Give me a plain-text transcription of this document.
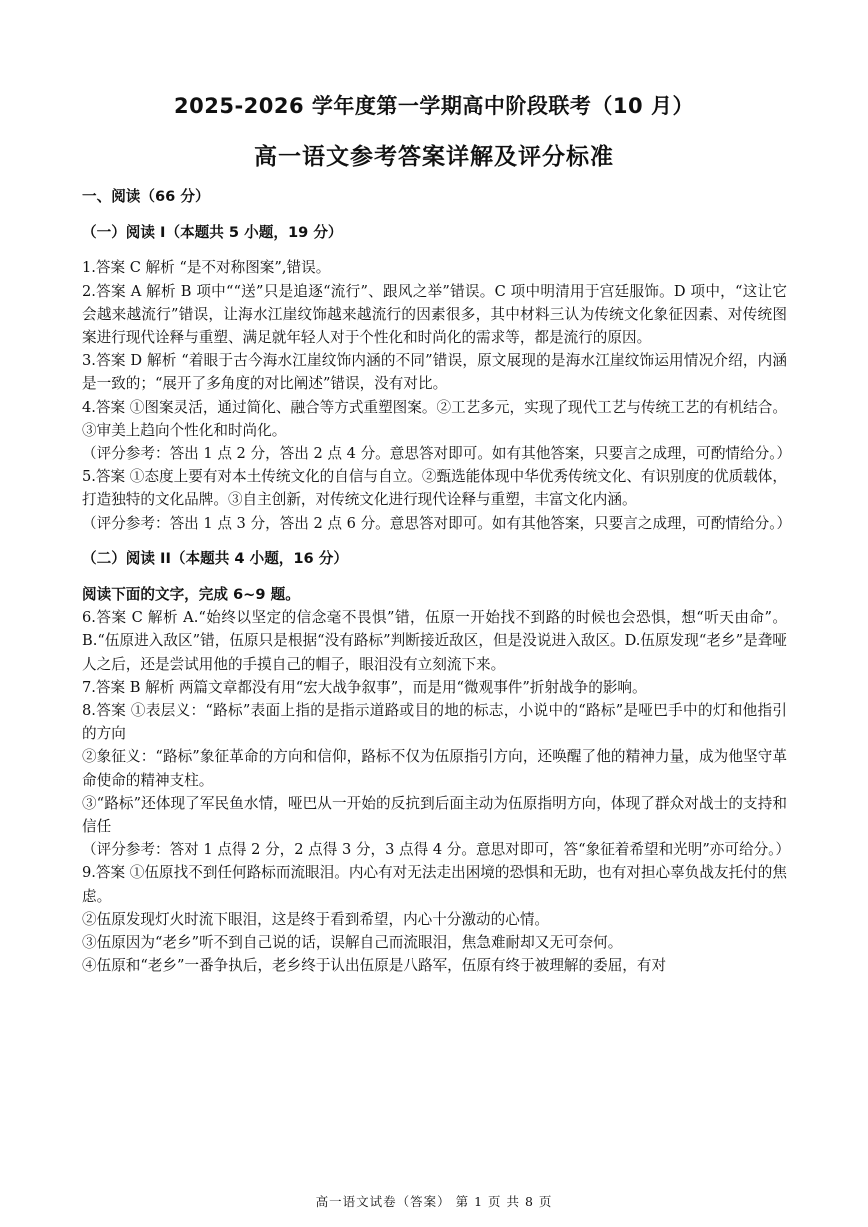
2025-2026 学年度第一学期高中阶段联考（10 月）
高一语文参考答案详解及评分标准

一、阅读（66 分）

（一）阅读 I（本题共 5 小题，19 分）

1.答案 C 解析 “是不对称图案”,错误。

2.答案 A 解析 B 项中““送”只是追逐“流行”、跟风之举”错误。C 项中明清用于宫廷服饰。D 项中，“这让它会越来越流行”错误，让海水江崖纹饰越来越流行的因素很多，其中材料三认为传统文化象征因素、对传统图案进行现代诠释与重塑、满足就年轻人对于个性化和时尚化的需求等，都是流行的原因。

3.答案 D 解析 “着眼于古今海水江崖纹饰内涵的不同”错误，原文展现的是海水江崖纹饰运用情况介绍，内涵是一致的；“展开了多角度的对比阐述”错误，没有对比。

4.答案 ①图案灵活，通过简化、融合等方式重塑图案。②工艺多元，实现了现代工艺与传统工艺的有机结合。③审美上趋向个性化和时尚化。

（评分参考：答出 1 点 2 分，答出 2 点 4 分。意思答对即可。如有其他答案，只要言之成理，可酌情给分。）

5.答案 ①态度上要有对本土传统文化的自信与自立。②甄选能体现中华优秀传统文化、有识别度的优质载体，打造独特的文化品牌。③自主创新，对传统文化进行现代诠释与重塑，丰富文化内涵。

（评分参考：答出 1 点 3 分，答出 2 点 6 分。意思答对即可。如有其他答案，只要言之成理，可酌情给分。）

（二）阅读 II（本题共 4 小题，16 分）

阅读下面的文字，完成 6~9 题。

6.答案 C 解析 A.“始终以坚定的信念毫不畏惧”错，伍原一开始找不到路的时候也会恐惧，想“听天由命”。B.“伍原进入敌区”错，伍原只是根据“没有路标”判断接近敌区，但是没说进入敌区。D.伍原发现“老乡”是聋哑人之后，还是尝试用他的手摸自己的帽子，眼泪没有立刻流下来。

7.答案 B 解析 两篇文章都没有用“宏大战争叙事”，而是用“微观事件”折射战争的影响。

8.答案 ①表层义：“路标”表面上指的是指示道路或目的地的标志，小说中的“路标”是哑巴手中的灯和他指引的方向

②象征义：“路标”象征革命的方向和信仰，路标不仅为伍原指引方向，还唤醒了他的精神力量，成为他坚守革命使命的精神支柱。

③“路标”还体现了军民鱼水情，哑巴从一开始的反抗到后面主动为伍原指明方向，体现了群众对战士的支持和信任

（评分参考：答对 1 点得 2 分，2 点得 3 分，3 点得 4 分。意思对即可，答“象征着希望和光明”亦可给分。）

9.答案 ①伍原找不到任何路标而流眼泪。内心有对无法走出困境的恐惧和无助，也有对担心辜负战友托付的焦虑。

②伍原发现灯火时流下眼泪，这是终于看到希望，内心十分激动的心情。

③伍原因为“老乡”听不到自己说的话，误解自己而流眼泪，焦急难耐却又无可奈何。

④伍原和“老乡”一番争执后，老乡终于认出伍原是八路军，伍原有终于被理解的委屈，有对

高一语文试卷（答案） 第 1 页 共 8 页
